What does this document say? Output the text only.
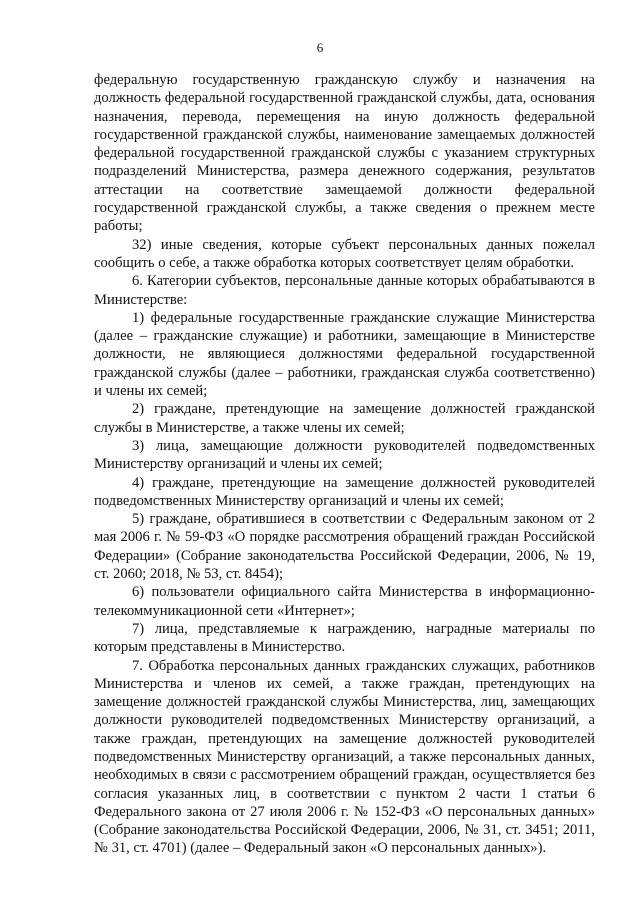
6

федеральную государственную гражданскую службу и назначения на должность федеральной государственной гражданской службы, дата, основания назначения, перевода, перемещения на иную должность федеральной государственной гражданской службы, наименование замещаемых должностей федеральной государственной гражданской службы с указанием структурных подразделений Министерства, размера денежного содержания, результатов аттестации на соответствие замещаемой должности федеральной государственной гражданской службы, а также сведения о прежнем месте работы;

32) иные сведения, которые субъект персональных данных пожелал сообщить о себе, а также обработка которых соответствует целям обработки.

6. Категории субъектов, персональные данные которых обрабатываются в Министерстве:

1) федеральные государственные гражданские служащие Министерства (далее – гражданские служащие) и работники, замещающие в Министерстве должности, не являющиеся должностями федеральной государственной гражданской службы (далее – работники, гражданская служба соответственно) и члены их семей;

2) граждане, претендующие на замещение должностей гражданской службы в Министерстве, а также члены их семей;

3) лица, замещающие должности руководителей подведомственных Министерству организаций и члены их семей;

4) граждане, претендующие на замещение должностей руководителей подведомственных Министерству организаций и члены их семей;

5) граждане, обратившиеся в соответствии с Федеральным законом от 2 мая 2006 г. № 59-ФЗ «О порядке рассмотрения обращений граждан Российской Федерации» (Собрание законодательства Российской Федерации, 2006, № 19, ст. 2060; 2018, № 53, ст. 8454);

6) пользователи официального сайта Министерства в информационно-телекоммуникационной сети «Интернет»;

7) лица, представляемые к награждению, наградные материалы по которым представлены в Министерство.

7. Обработка персональных данных гражданских служащих, работников Министерства и членов их семей, а также граждан, претендующих на замещение должностей гражданской службы Министерства, лиц, замещающих должности руководителей подведомственных Министерству организаций, а также граждан, претендующих на замещение должностей руководителей подведомственных Министерству организаций, а также персональных данных, необходимых в связи с рассмотрением обращений граждан, осуществляется без согласия указанных лиц, в соответствии с пунктом 2 части 1 статьи 6 Федерального закона от 27 июля 2006 г. № 152-ФЗ «О персональных данных» (Собрание законодательства Российской Федерации, 2006, № 31, ст. 3451; 2011, № 31, ст. 4701) (далее – Федеральный закон «О персональных данных»).
